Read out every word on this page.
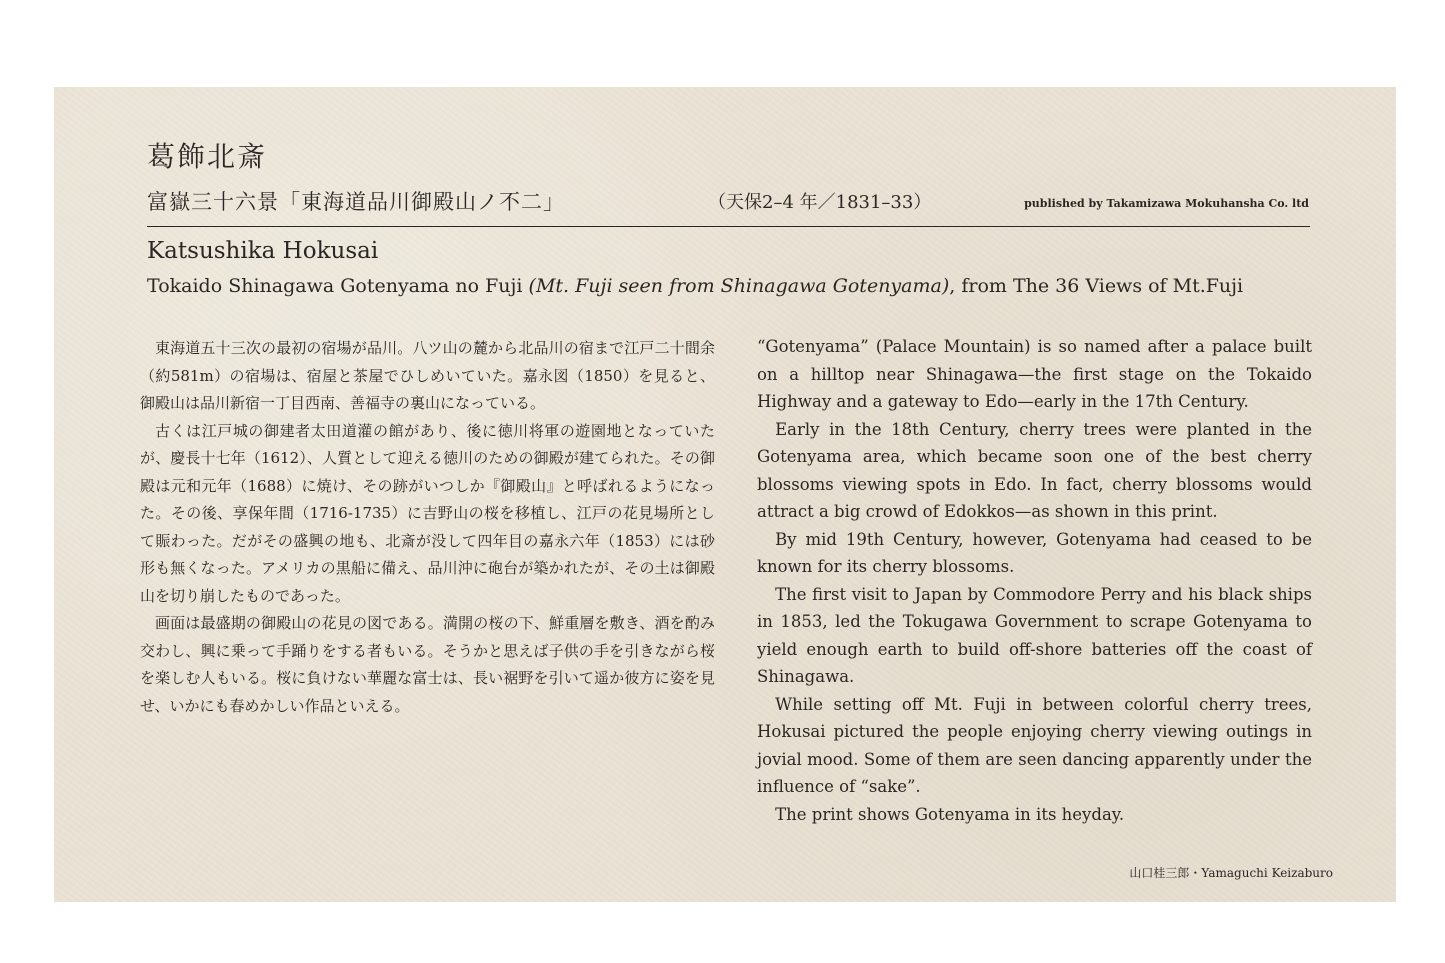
葛飾北斎
富嶽三十六景「東海道品川御殿山ノ不二」	（天保2–4 年／1831–33）	published by Takamizawa Mokuhansha Co. ltd
Katsushika Hokusai
Tokaido Shinagawa Gotenyama no Fuji (Mt. Fuji seen from Shinagawa Gotenyama), from The 36 Views of Mt.Fuji

東海道五十三次の最初の宿場が品川。八ツ山の麓から北品川の宿まで江戸二十間余（約581m）の宿場は、宿屋と茶屋でひしめいていた。嘉永図（1850）を見ると、御殿山は品川新宿一丁目西南、善福寺の裏山になっている。

古くは江戸城の御建者太田道灌の館があり、後に徳川将軍の遊園地となっていたが、慶長十七年（1612）、人質として迎える徳川のための御殿が建てられた。その御殿は元和元年（1688）に焼け、その跡がいつしか『御殿山』と呼ばれるようになった。その後、享保年間（1716-1735）に吉野山の桜を移植し、江戸の花見場所として賑わった。だがその盛興の地も、北斎が没して四年目の嘉永六年（1853）には砂形も無くなった。アメリカの黒船に備え、品川沖に砲台が築かれたが、その土は御殿山を切り崩したものであった。

画面は最盛期の御殿山の花見の図である。満開の桜の下、鮮重層を敷き、酒を酌み交わし、興に乗って手踊りをする者もいる。そうかと思えば子供の手を引きながら桜を楽しむ人もいる。桜に負けない華麗な富士は、長い裾野を引いて遥か彼方に姿を見せ、いかにも春めかしい作品といえる。

“Gotenyama” (Palace Mountain) is so named after a palace built on a hilltop near Shinagawa—the first stage on the Tokaido Highway and a gateway to Edo—early in the 17th Century.

Early in the 18th Century, cherry trees were planted in the Gotenyama area, which became soon one of the best cherry blossoms viewing spots in Edo. In fact, cherry blossoms would attract a big crowd of Edokkos—as shown in this print.

By mid 19th Century, however, Gotenyama had ceased to be known for its cherry blossoms.

The first visit to Japan by Commodore Perry and his black ships in 1853, led the Tokugawa Government to scrape Gotenyama to yield enough earth to build off-shore batteries off the coast of Shinagawa.

While setting off Mt. Fuji in between colorful cherry trees, Hokusai pictured the people enjoying cherry viewing outings in jovial mood. Some of them are seen dancing apparently under the influence of “sake”.

The print shows Gotenyama in its heyday.

山口桂三郎・Yamaguchi Keizaburo
